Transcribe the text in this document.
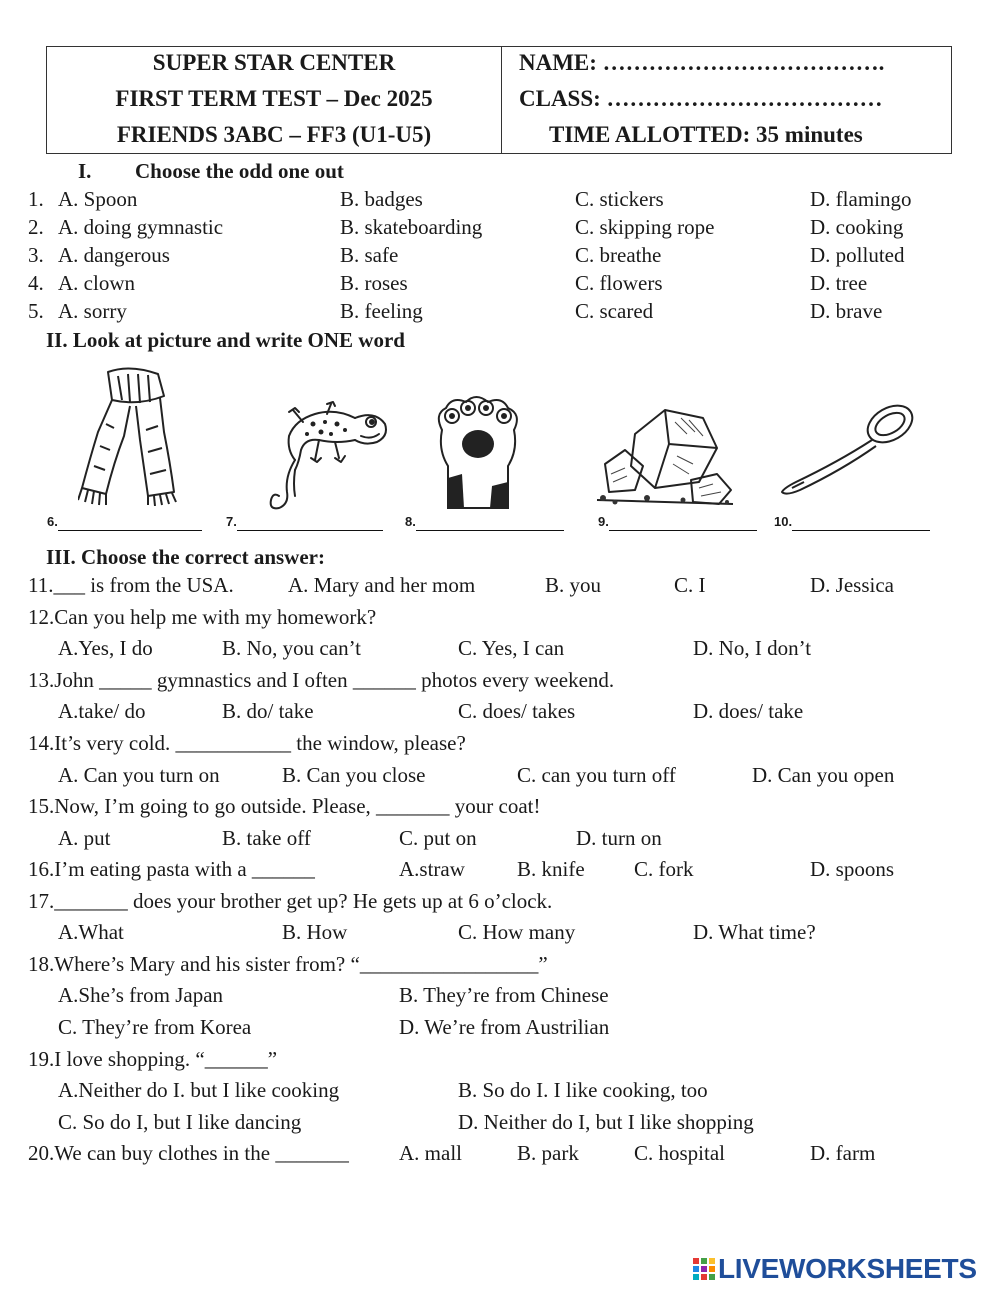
SUPER STAR CENTER
FIRST TERM TEST – Dec 2025
FRIENDS 3ABC – FF3 (U1-U5)
NAME: ……………………………….
CLASS: ………………………………
TIME ALLOTTED: 35 minutes
I. Choose the odd one out
1. A. Spoon	B. badges	C. stickers	D. flamingo
2. A. doing gymnastic	B. skateboarding	C. skipping rope	D. cooking
3. A. dangerous	B. safe	C. breathe	D. polluted
4. A. clown	B. roses	C. flowers	D. tree
5. A. sorry	B. feeling	C. scared	D. brave
II. Look at picture and write ONE word
6.	7.	8.	9.	10.
III. Choose the correct answer:
11.___ is from the USA.	A. Mary and her mom	B. you	C. I	D. Jessica
12.Can you help me with my homework?
A.Yes, I do	B. No, you can’t	C. Yes, I can	D. No, I don’t
13.John _____ gymnastics and I often ______ photos every weekend.
A.take/ do	B. do/ take	C. does/ takes	D. does/ take
14.It’s very cold. ___________ the window, please?
A. Can you turn on	B. Can you close	C. can you turn off	D. Can you open
15.Now, I’m going to go outside. Please, _______ your coat!
A. put	B. take off	C. put on	D. turn on
16.I’m eating pasta with a ______	A.straw B. knife C. fork	D. spoons
17._______ does your brother get up? He gets up at 6 o’clock.
A.What	B. How	C. How many	D. What time?
18.Where’s Mary and his sister from? “_________________”
A.She’s from Japan	B. They’re from Chinese
C. They’re from Korea	D. We’re from Austrilian
19.I love shopping. “______”
A.Neither do I. but I like cooking	B. So do I. I like cooking, too
C. So do I, but I like dancing	D. Neither do I, but I like shopping
20.We can buy clothes in the _______ A. mall	B. park	C. hospital	D. farm
LIVEWORKSHEETS
